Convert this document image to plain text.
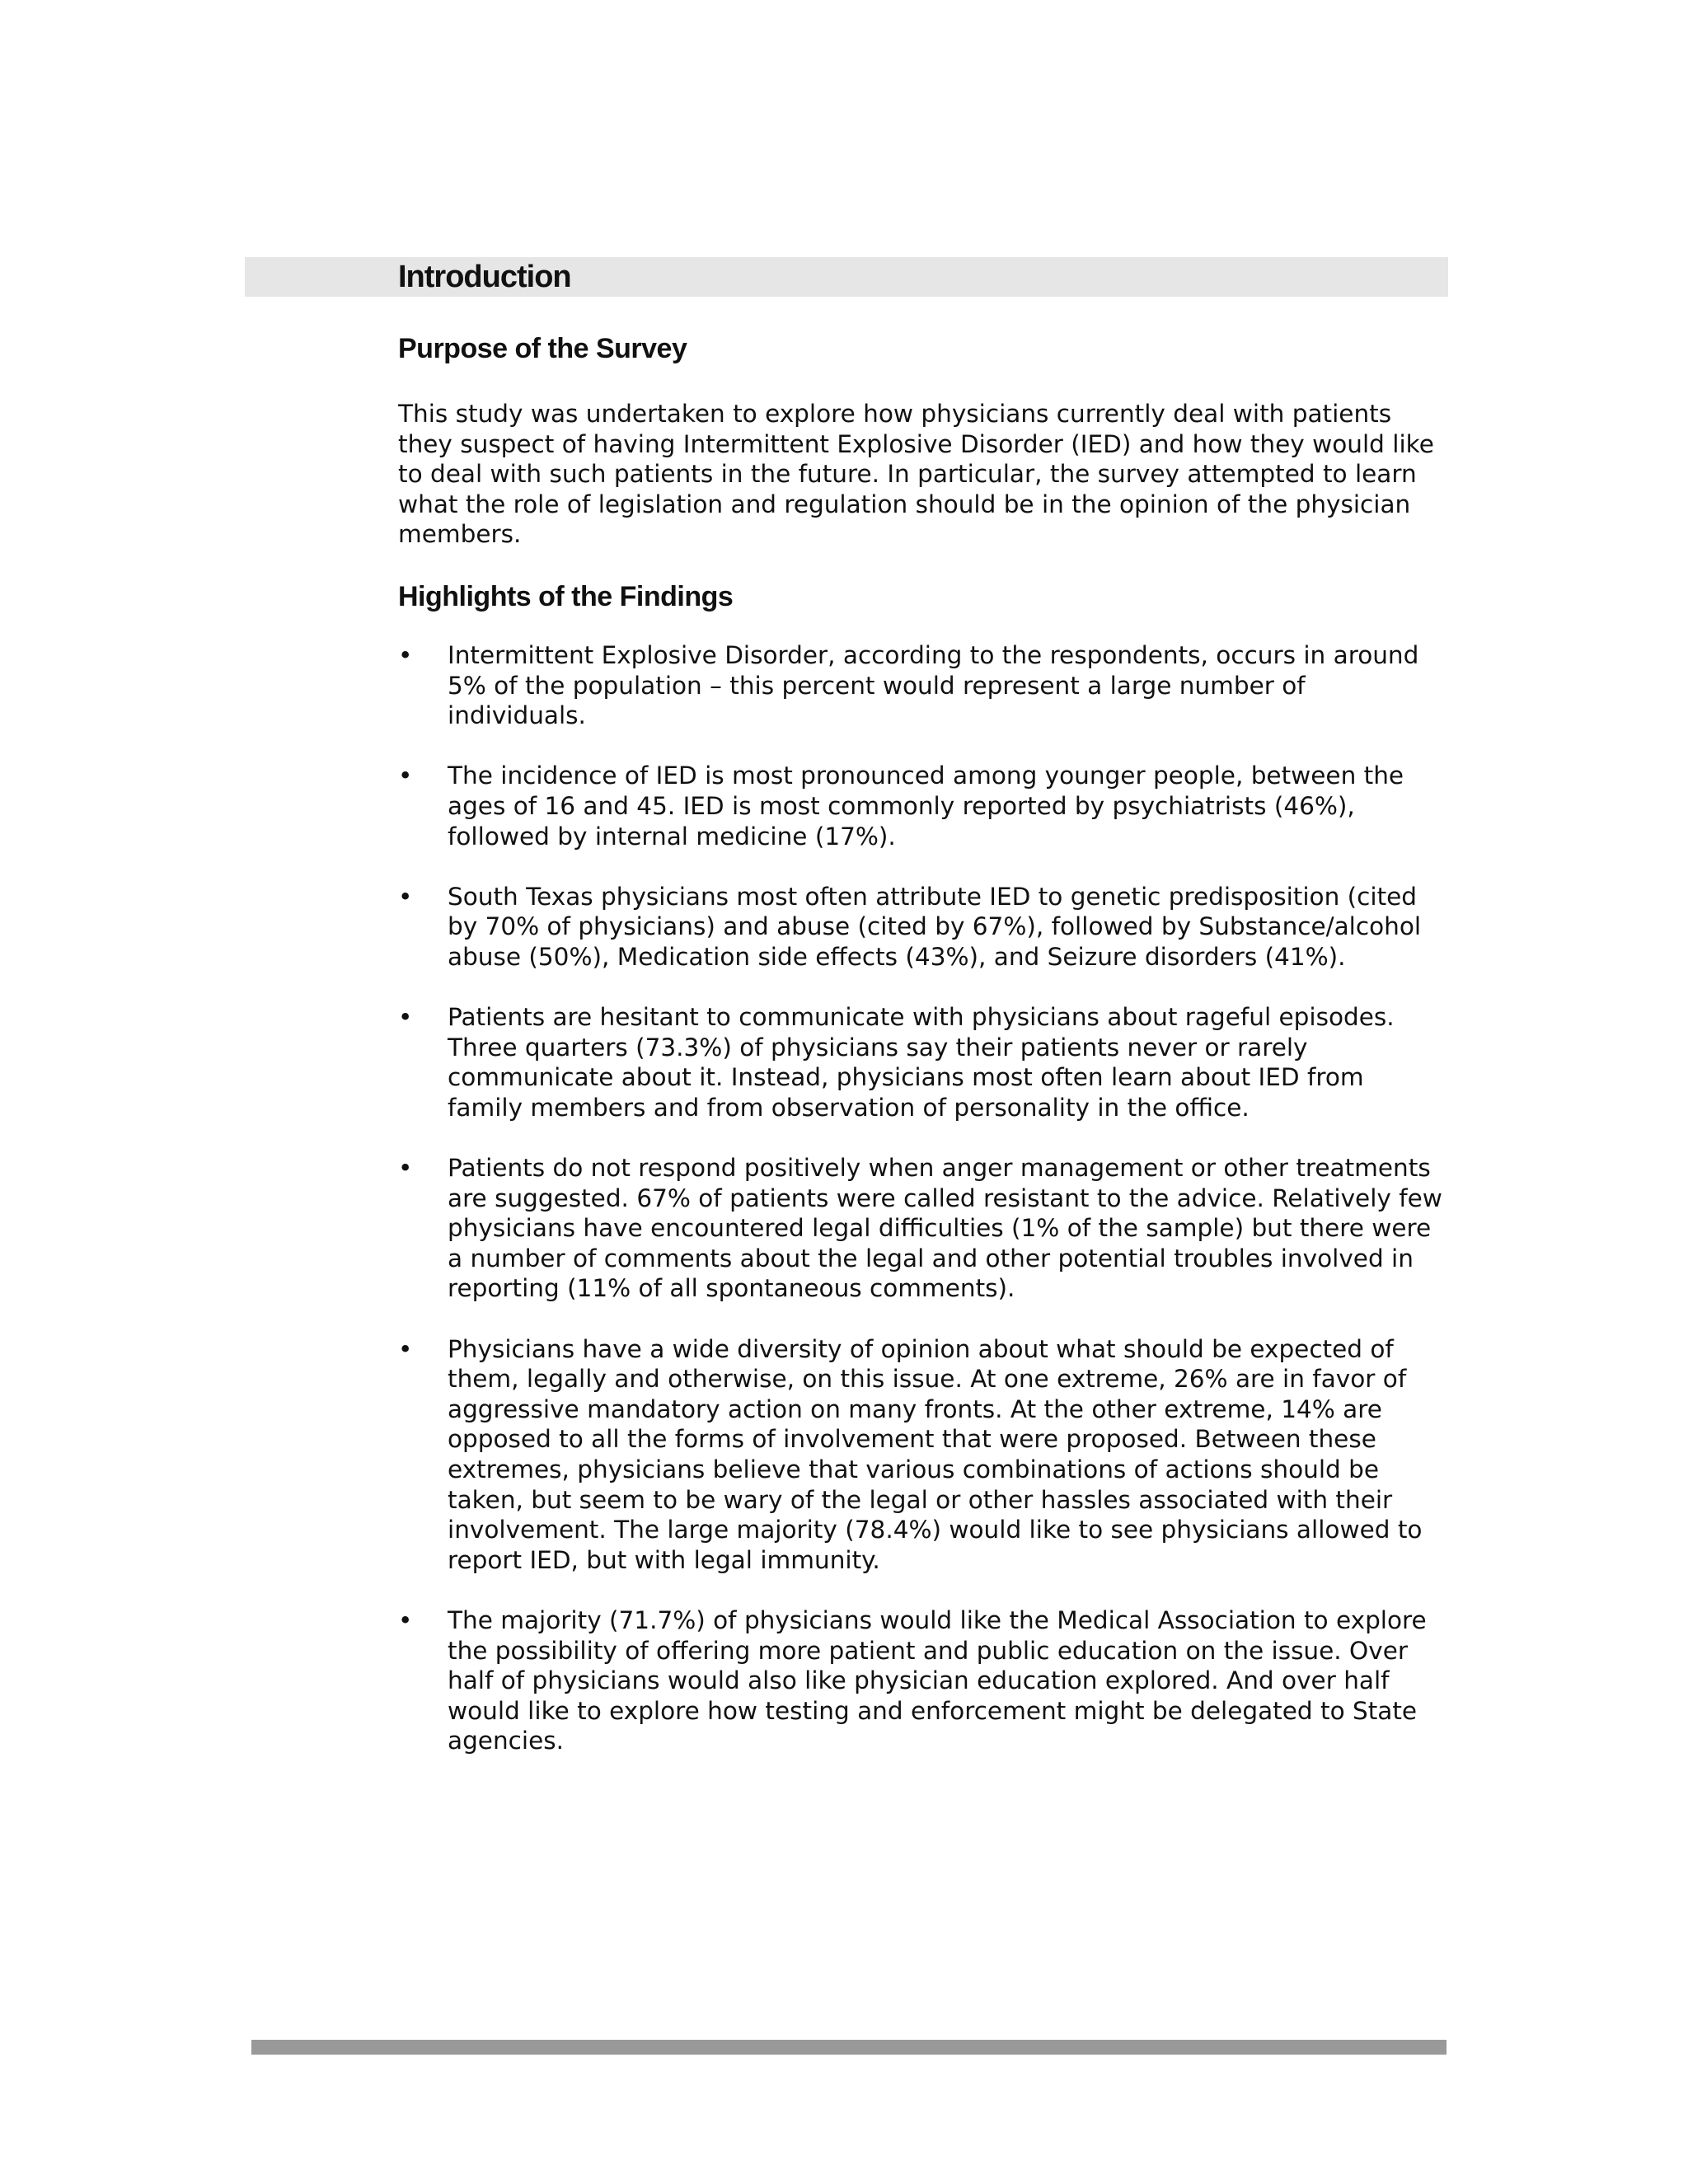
Introduction
Purpose of the Survey

This study was undertaken to explore how physicians currently deal with patients they suspect of having Intermittent Explosive Disorder (IED) and how they would like to deal with such patients in the future. In particular, the survey attempted to learn what the role of legislation and regulation should be in the opinion of the physician members.

Highlights of the Findings
• Intermittent Explosive Disorder, according to the respondents, occurs in around 5% of the population – this percent would represent a large number of individuals.
• The incidence of IED is most pronounced among younger people, between the ages of 16 and 45. IED is most commonly reported by psychiatrists (46%), followed by internal medicine (17%).
• South Texas physicians most often attribute IED to genetic predisposition (cited by 70% of physicians) and abuse (cited by 67%), followed by Substance/alcohol abuse (50%), Medication side effects (43%), and Seizure disorders (41%).
• Patients are hesitant to communicate with physicians about rageful episodes. Three quarters (73.3%) of physicians say their patients never or rarely communicate about it. Instead, physicians most often learn about IED from family members and from observation of personality in the office.
• Patients do not respond positively when anger management or other treatments are suggested. 67% of patients were called resistant to the advice. Relatively few physicians have encountered legal difficulties (1% of the sample) but there were a number of comments about the legal and other potential troubles involved in reporting (11% of all spontaneous comments).
• Physicians have a wide diversity of opinion about what should be expected of them, legally and otherwise, on this issue. At one extreme, 26% are in favor of aggressive mandatory action on many fronts. At the other extreme, 14% are opposed to all the forms of involvement that were proposed. Between these extremes, physicians believe that various combinations of actions should be taken, but seem to be wary of the legal or other hassles associated with their involvement. The large majority (78.4%) would like to see physicians allowed to report IED, but with legal immunity.
• The majority (71.7%) of physicians would like the Medical Association to explore the possibility of offering more patient and public education on the issue. Over half of physicians would also like physician education explored. And over half would like to explore how testing and enforcement might be delegated to State agencies.
